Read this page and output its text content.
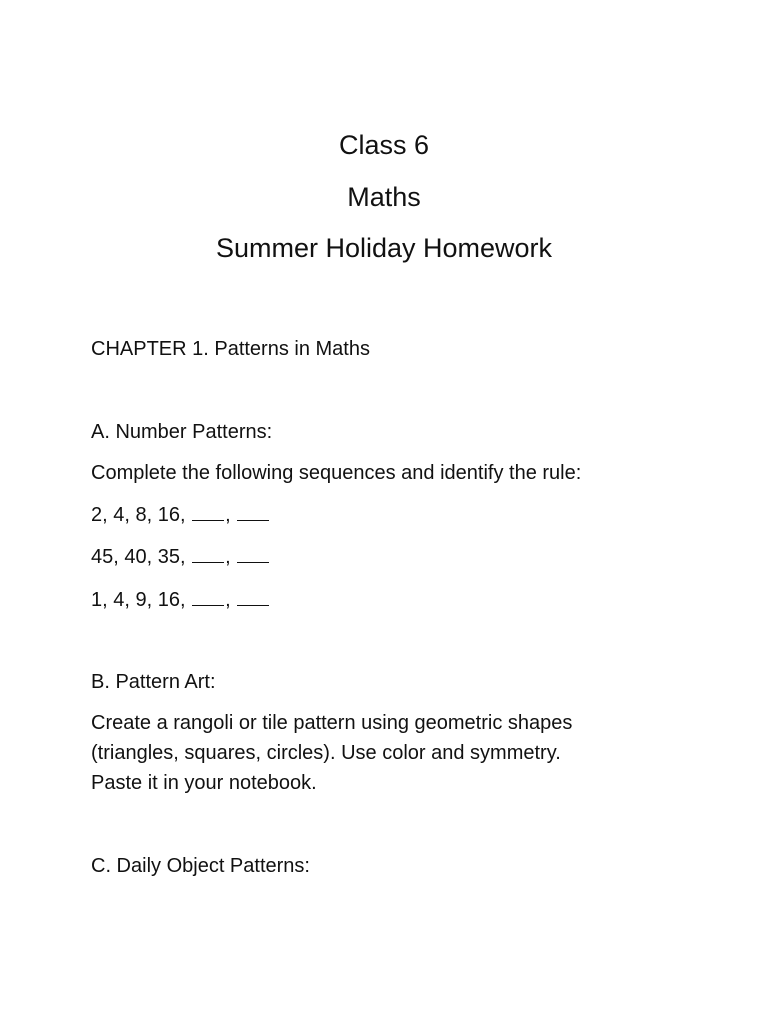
Class 6
Maths
Summer Holiday Homework
CHAPTER 1. Patterns in Maths
A. Number Patterns:
Complete the following sequences and identify the rule:
2, 4, 8, 16, ,
45, 40, 35, ,
1, 4, 9, 16, ,
B. Pattern Art:
Create a rangoli or tile pattern using geometric shapes
(triangles, squares, circles). Use color and symmetry.
Paste it in your notebook.
C. Daily Object Patterns:
